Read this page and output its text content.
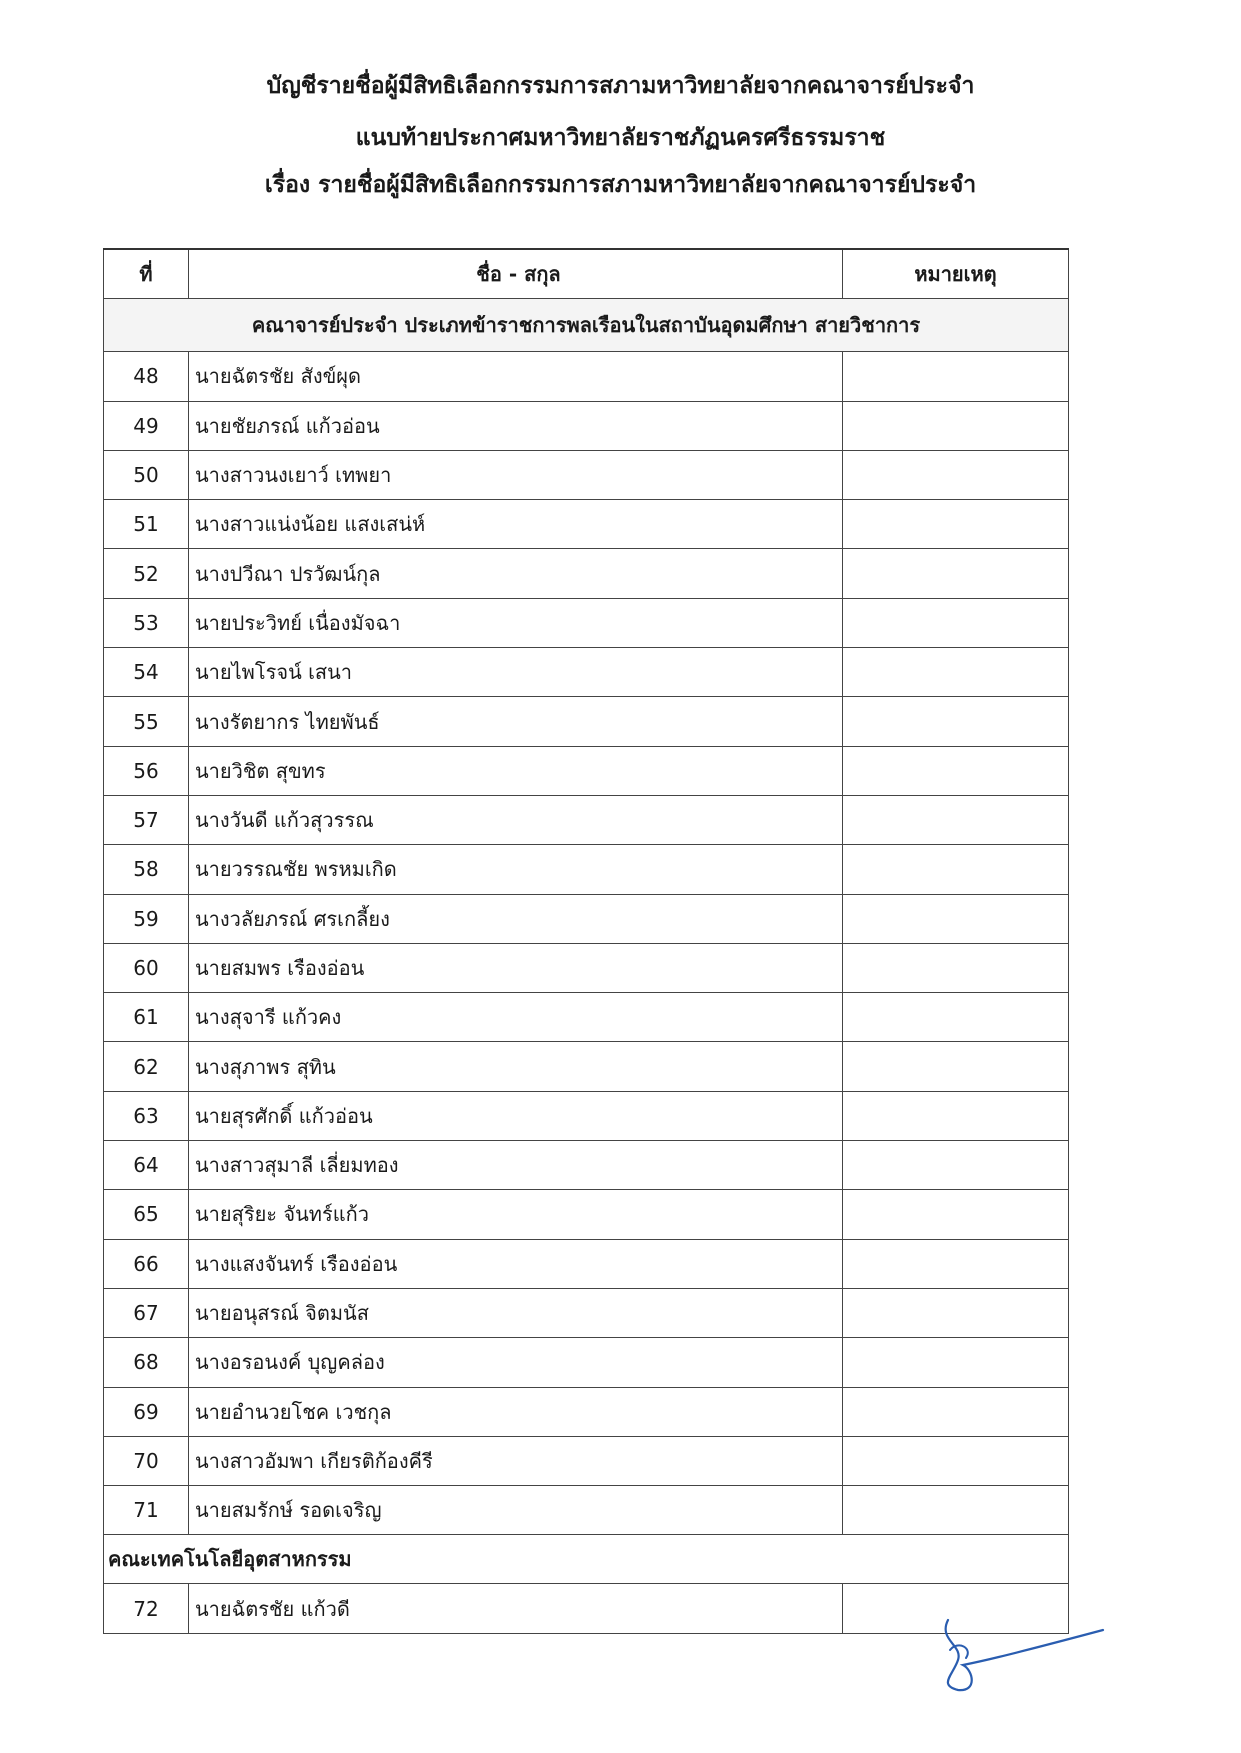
บัญชีรายชื่อผู้มีสิทธิเลือกกรรมการสภามหาวิทยาลัยจากคณาจารย์ประจำ
แนบท้ายประกาศมหาวิทยาลัยราชภัฏนครศรีธรรมราช
เรื่อง รายชื่อผู้มีสิทธิเลือกกรรมการสภามหาวิทยาลัยจากคณาจารย์ประจำ
ที่	ชื่อ - สกุล	หมายเหตุ
คณาจารย์ประจำ ประเภทข้าราชการพลเรือนในสถาบันอุดมศึกษา สายวิชาการ
48	นายฉัตรชัย สังข์ผุด
49	นายชัยภรณ์ แก้วอ่อน
50	นางสาวนงเยาว์ เทพยา
51	นางสาวแน่งน้อย แสงเสน่ห์
52	นางปวีณา ปรวัฒน์กุล
53	นายประวิทย์ เนื่องมัจฉา
54	นายไพโรจน์ เสนา
55	นางรัตยากร ไทยพันธ์
56	นายวิชิต สุขทร
57	นางวันดี แก้วสุวรรณ
58	นายวรรณชัย พรหมเกิด
59	นางวลัยภรณ์ ศรเกลี้ยง
60	นายสมพร เรืองอ่อน
61	นางสุจารี แก้วคง
62	นางสุภาพร สุทิน
63	นายสุรศักดิ์ แก้วอ่อน
64	นางสาวสุมาลี เลี่ยมทอง
65	นายสุริยะ จันทร์แก้ว
66	นางแสงจันทร์ เรืองอ่อน
67	นายอนุสรณ์ จิตมนัส
68	นางอรอนงค์ บุญคล่อง
69	นายอำนวยโชค เวชกุล
70	นางสาวอัมพา เกียรติก้องคีรี
71	นายสมรักษ์ รอดเจริญ
คณะเทคโนโลยีอุตสาหกรรม
72	นายฉัตรชัย แก้วดี
